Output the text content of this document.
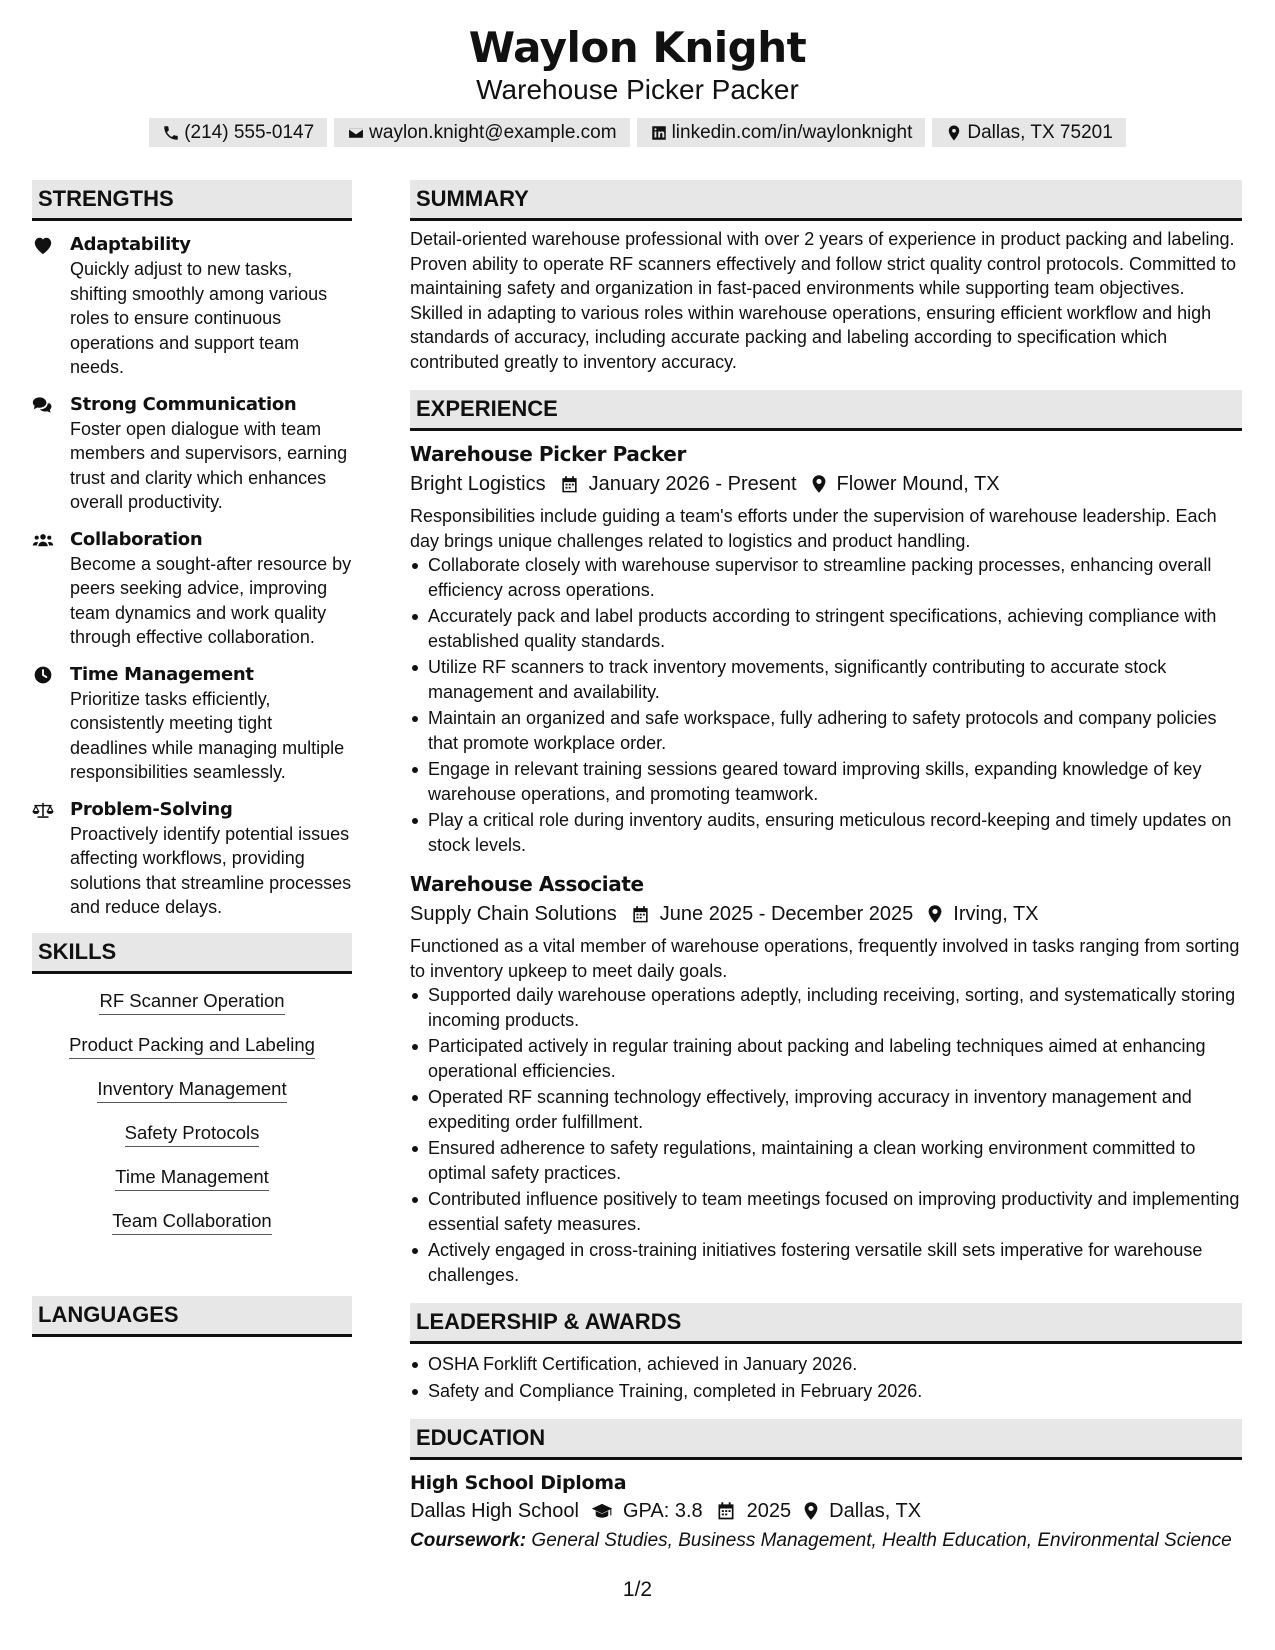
Waylon Knight
Warehouse Picker Packer
(214) 555-0147	waylon.knight@example.com	linkedin.com/in/waylonknight	Dallas, TX 75201
STRENGTHS
Adaptability
Quickly adjust to new tasks, shifting smoothly among various roles to ensure continuous operations and support team needs.
Strong Communication
Foster open dialogue with team members and supervisors, earning trust and clarity which enhances overall productivity.
Collaboration
Become a sought-after resource by peers seeking advice, improving team dynamics and work quality through effective collaboration.
Time Management
Prioritize tasks efficiently, consistently meeting tight deadlines while managing multiple responsibilities seamlessly.
Problem-Solving
Proactively identify potential issues affecting workflows, providing solutions that streamline processes and reduce delays.
SKILLS
RF Scanner Operation
Product Packing and Labeling
Inventory Management
Safety Protocols
Time Management
Team Collaboration
LANGUAGES
SUMMARY
Detail-oriented warehouse professional with over 2 years of experience in product packing and labeling. Proven ability to operate RF scanners effectively and follow strict quality control protocols. Committed to maintaining safety and organization in fast-paced environments while supporting team objectives. Skilled in adapting to various roles within warehouse operations, ensuring efficient workflow and high standards of accuracy, including accurate packing and labeling according to specification which contributed greatly to inventory accuracy.
EXPERIENCE
Warehouse Picker Packer
Bright Logistics January 2026 - Present Flower Mound, TX
Responsibilities include guiding a team's efforts under the supervision of warehouse leadership. Each day brings unique challenges related to logistics and product handling.
Collaborate closely with warehouse supervisor to streamline packing processes, enhancing overall efficiency across operations.
Accurately pack and label products according to stringent specifications, achieving compliance with established quality standards.
Utilize RF scanners to track inventory movements, significantly contributing to accurate stock management and availability.
Maintain an organized and safe workspace, fully adhering to safety protocols and company policies that promote workplace order.
Engage in relevant training sessions geared toward improving skills, expanding knowledge of key warehouse operations, and promoting teamwork.
Play a critical role during inventory audits, ensuring meticulous record-keeping and timely updates on stock levels.
Warehouse Associate
Supply Chain Solutions June 2025 - December 2025 Irving, TX
Functioned as a vital member of warehouse operations, frequently involved in tasks ranging from sorting to inventory upkeep to meet daily goals.
Supported daily warehouse operations adeptly, including receiving, sorting, and systematically storing incoming products.
Participated actively in regular training about packing and labeling techniques aimed at enhancing operational efficiencies.
Operated RF scanning technology effectively, improving accuracy in inventory management and expediting order fulfillment.
Ensured adherence to safety regulations, maintaining a clean working environment committed to optimal safety practices.
Contributed influence positively to team meetings focused on improving productivity and implementing essential safety measures.
Actively engaged in cross-training initiatives fostering versatile skill sets imperative for warehouse challenges.
LEADERSHIP & AWARDS
OSHA Forklift Certification, achieved in January 2026.
Safety and Compliance Training, completed in February 2026.
EDUCATION
High School Diploma
Dallas High School GPA: 3.8 2025 Dallas, TX
Coursework: General Studies, Business Management, Health Education, Environmental Science
1/2
